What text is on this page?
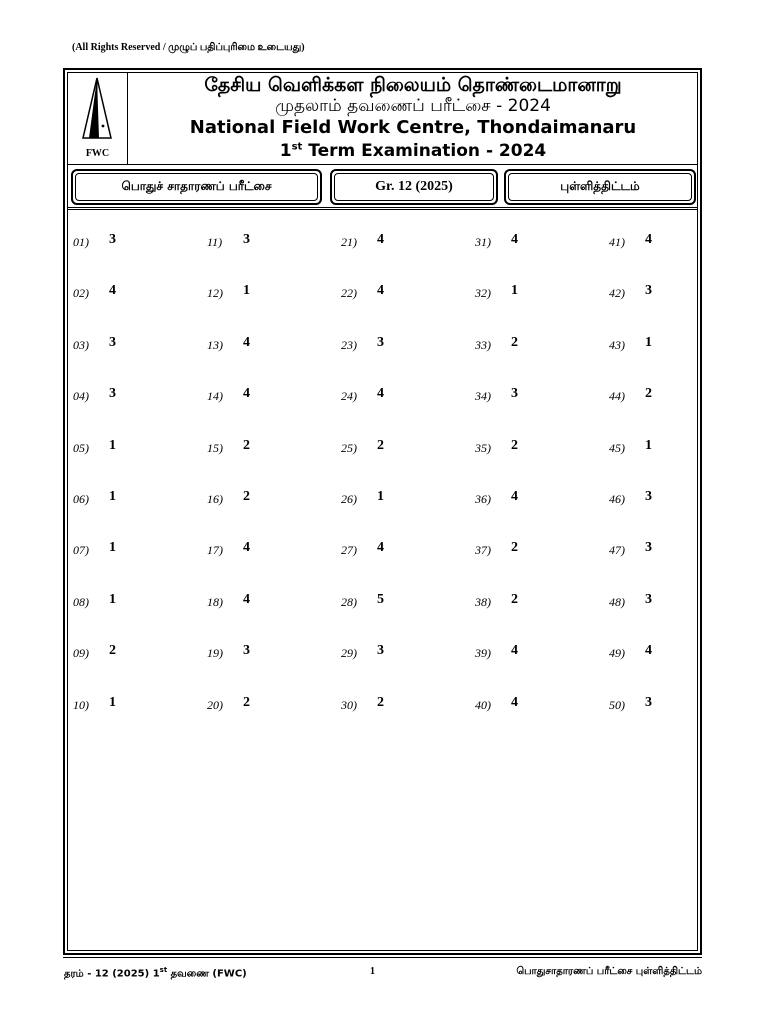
(All Rights Reserved / முழுப் பதிப்புரிமை உடையது)
FWC
தேசிய வெளிக்கள நிலையம் தொண்டைமானாறு
முதலாம் தவணைப் பரீட்சை - 2024
National Field Work Centre, Thondaimanaru
1st Term Examination - 2024
பொதுச் சாதாரணப் பரீட்சை	Gr. 12 (2025)	புள்ளித்திட்டம்
01) 3
02) 4
03) 3
04) 3
05) 1
06) 1
07) 1
08) 1
09) 2
10) 1
11) 3
12) 1
13) 4
14) 4
15) 2
16) 2
17) 4
18) 4
19) 3
20) 2
21) 4
22) 4
23) 3
24) 4
25) 2
26) 1
27) 4
28) 5
29) 3
30) 2
31) 4
32) 1
33) 2
34) 3
35) 2
36) 4
37) 2
38) 2
39) 4
40) 4
41) 4
42) 3
43) 1
44) 2
45) 1
46) 3
47) 3
48) 3
49) 4
50) 3
தரம் - 12 (2025) 1st தவணை (FWC)	1	பொதுசாதாரணப் பரீட்சை புள்ளித்திட்டம்
